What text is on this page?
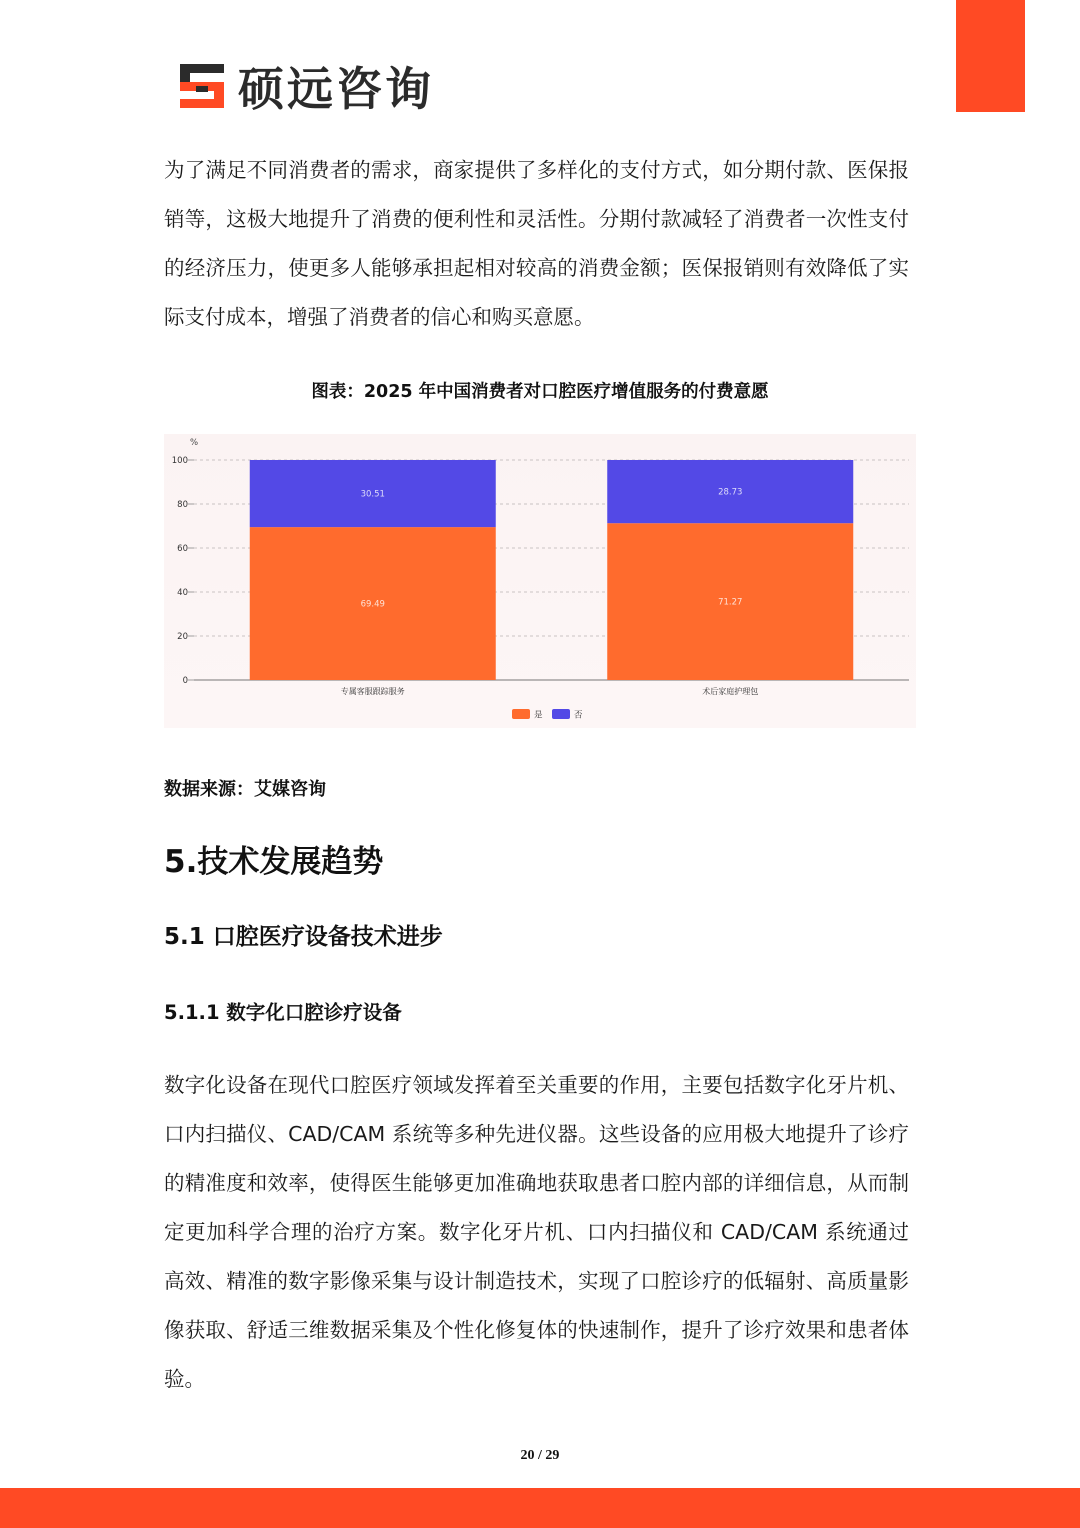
硕远咨询

为了满足不同消费者的需求，商家提供了多样化的支付方式，如分期付款、医保报销等，这极大地提升了消费的便利性和灵活性。分期付款减轻了消费者一次性支付的经济压力，使更多人能够承担起相对较高的消费金额；医保报销则有效降低了实际支付成本，增强了消费者的信心和购买意愿。

图表：2025 年中国消费者对口腔医疗增值服务的付费意愿
%
0
20
40
60
80
100
69.49
30.51
专属客服跟踪服务
71.27
28.73
术后家庭护理包
是	否
数据来源：艾媒咨询
5.技术发展趋势
5.1 口腔医疗设备技术进步
5.1.1 数字化口腔诊疗设备

数字化设备在现代口腔医疗领域发挥着至关重要的作用，主要包括数字化牙片机、口内扫描仪、CAD/CAM 系统等多种先进仪器。这些设备的应用极大地提升了诊疗的精准度和效率，使得医生能够更加准确地获取患者口腔内部的详细信息，从而制定更加科学合理的治疗方案。数字化牙片机、口内扫描仪和 CAD/CAM 系统通过高效、精准的数字影像采集与设计制造技术，实现了口腔诊疗的低辐射、高质量影像获取、舒适三维数据采集及个性化修复体的快速制作，提升了诊疗效果和患者体验。

20 / 29
